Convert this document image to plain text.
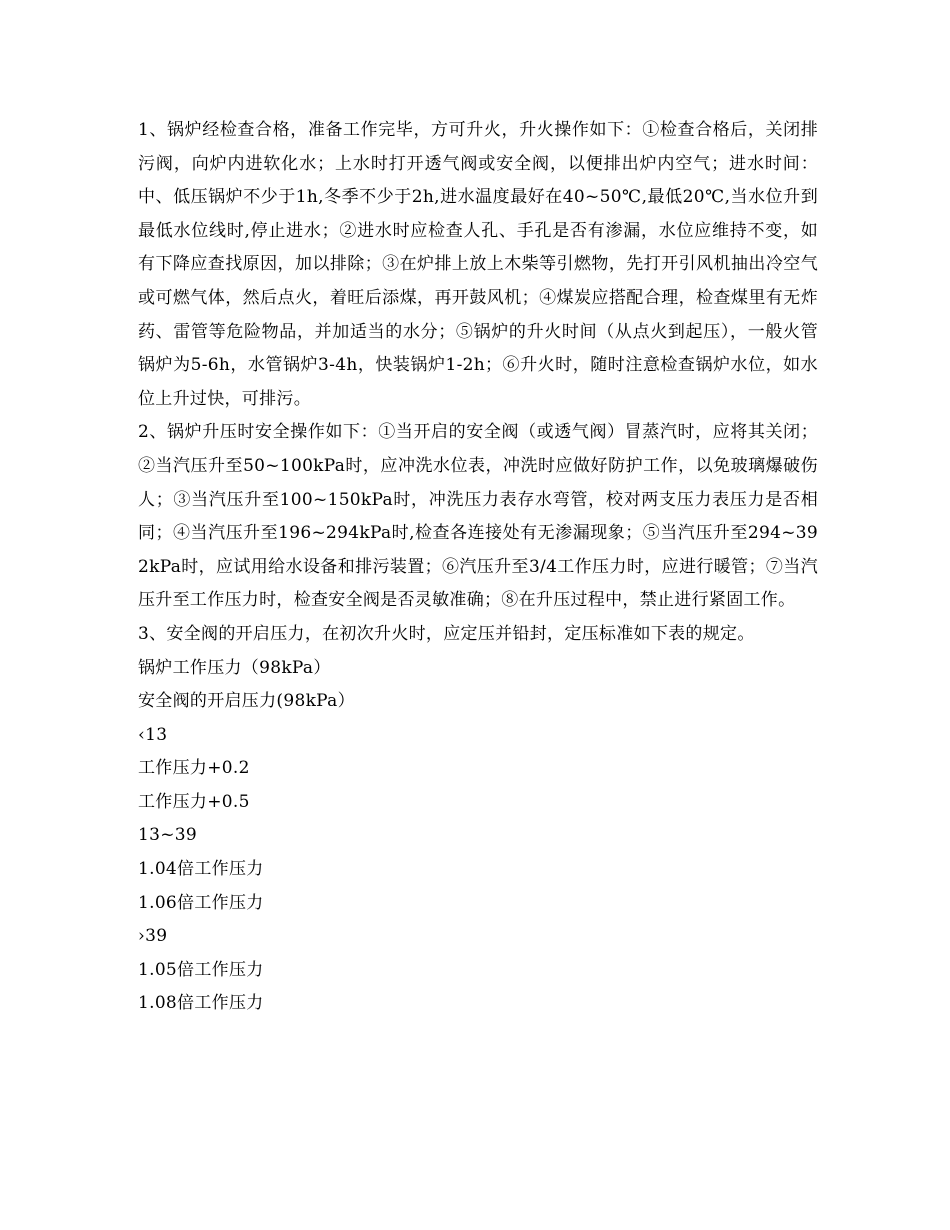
1、锅炉经检查合格，准备工作完毕，方可升火，升火操作如下：①检查合格后，关闭排污阀，向炉内进软化水；上水时打开透气阀或安全阀，以便排出炉内空气；进水时间：中、低压锅炉不少于1h,冬季不少于2h,进水温度最好在40~50℃,最低20℃,当水位升到最低水位线时,停止进水；②进水时应检查人孔、手孔是否有渗漏，水位应维持不变，如有下降应查找原因，加以排除；③在炉排上放上木柴等引燃物，先打开引风机抽出冷空气或可燃气体，然后点火，着旺后添煤，再开鼓风机；④煤炭应搭配合理，检查煤里有无炸药、雷管等危险物品，并加适当的水分；⑤锅炉的升火时间（从点火到起压），一般火管锅炉为5-6h，水管锅炉3-4h，快装锅炉1-2h；⑥升火时，随时注意检查锅炉水位，如水位上升过快，可排污。

2、锅炉升压时安全操作如下：①当开启的安全阀（或透气阀）冒蒸汽时，应将其关闭；②当汽压升至50~100kPa时，应冲洗水位表，冲洗时应做好防护工作，以免玻璃爆破伤人；③当汽压升至100~150kPa时，冲洗压力表存水弯管，校对两支压力表压力是否相同；④当汽压升至196~294kPa时,检查各连接处有无渗漏现象；⑤当汽压升至294~392kPa时，应试用给水设备和排污装置；⑥汽压升至3/4工作压力时，应进行暖管；⑦当汽压升至工作压力时，检查安全阀是否灵敏准确；⑧在升压过程中，禁止进行紧固工作。

3、安全阀的开启压力，在初次升火时，应定压并铅封，定压标准如下表的规定。

锅炉工作压力（98kPa）

安全阀的开启压力(98kPa）

‹13

工作压力+0.2

工作压力+0.5

13~39

1.04倍工作压力

1.06倍工作压力

›39

1.05倍工作压力

1.08倍工作压力
